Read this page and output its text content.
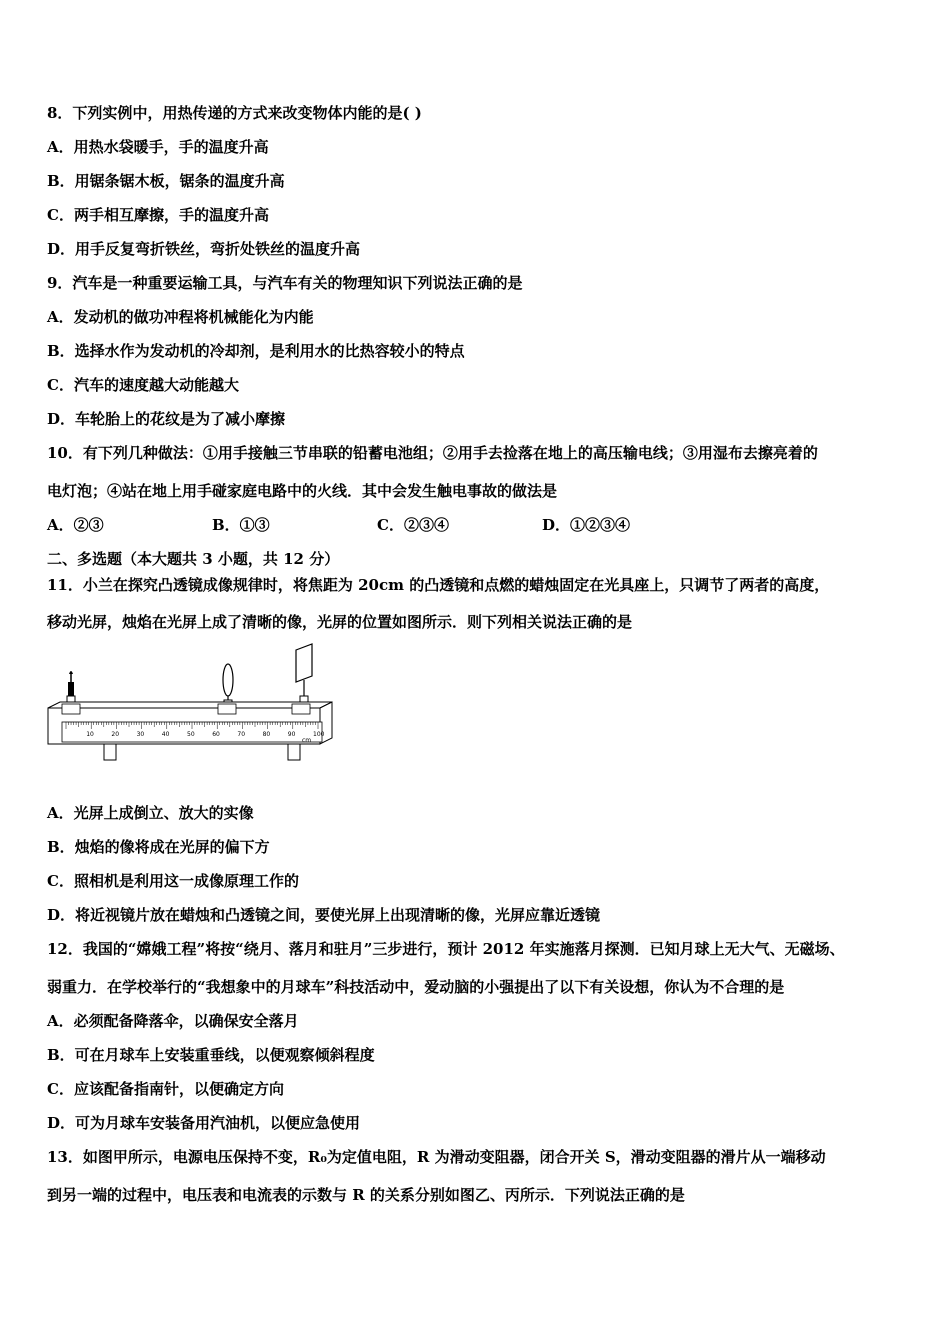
8．下列实例中，用热传递的方式来改变物体内能的是( )
A．用热水袋暖手，手的温度升高
B．用锯条锯木板，锯条的温度升高
C．两手相互摩擦，手的温度升高
D．用手反复弯折铁丝，弯折处铁丝的温度升高
9．汽车是一种重要运输工具，与汽车有关的物理知识下列说法正确的是
A．发动机的做功冲程将机械能化为内能
B．选择水作为发动机的冷却剂，是利用水的比热容较小的特点
C．汽车的速度越大动能越大
D．车轮胎上的花纹是为了减小摩擦
10．有下列几种做法：①用手接触三节串联的铅蓄电池组；②用手去捡落在地上的高压输电线；③用湿布去擦亮着的
电灯泡；④站在地上用手碰家庭电路中的火线．其中会发生触电事故的做法是
A．②③	B．①③	C．②③④	D．①②③④
二、多选题（本大题共 3 小题，共 12 分）
11．小兰在探究凸透镜成像规律时，将焦距为 20cm 的凸透镜和点燃的蜡烛固定在光具座上，只调节了两者的高度，
移动光屏，烛焰在光屏上成了清晰的像，光屏的位置如图所示．则下列相关说法正确的是
10	20	30	40	50	60	70	80	90	100
cm
A．光屏上成倒立、放大的实像
B．烛焰的像将成在光屏的偏下方
C．照相机是利用这一成像原理工作的
D．将近视镜片放在蜡烛和凸透镜之间，要使光屏上出现清晰的像，光屏应靠近透镜
12．我国的“嫦娥工程”将按“绕月、落月和驻月”三步进行，预计 2012 年实施落月探测．已知月球上无大气、无磁场、
弱重力．在学校举行的“我想象中的月球车”科技活动中，爱动脑的小强提出了以下有关设想，你认为不合理的是
A．必须配备降落伞，以确保安全落月
B．可在月球车上安装重垂线，以便观察倾斜程度
C．应该配备指南针，以便确定方向
D．可为月球车安装备用汽油机，以便应急使用
13．如图甲所示，电源电压保持不变，R₀为定值电阻，R 为滑动变阻器，闭合开关 S，滑动变阻器的滑片从一端移动
到另一端的过程中，电压表和电流表的示数与 R 的关系分别如图乙、丙所示．下列说法正确的是
